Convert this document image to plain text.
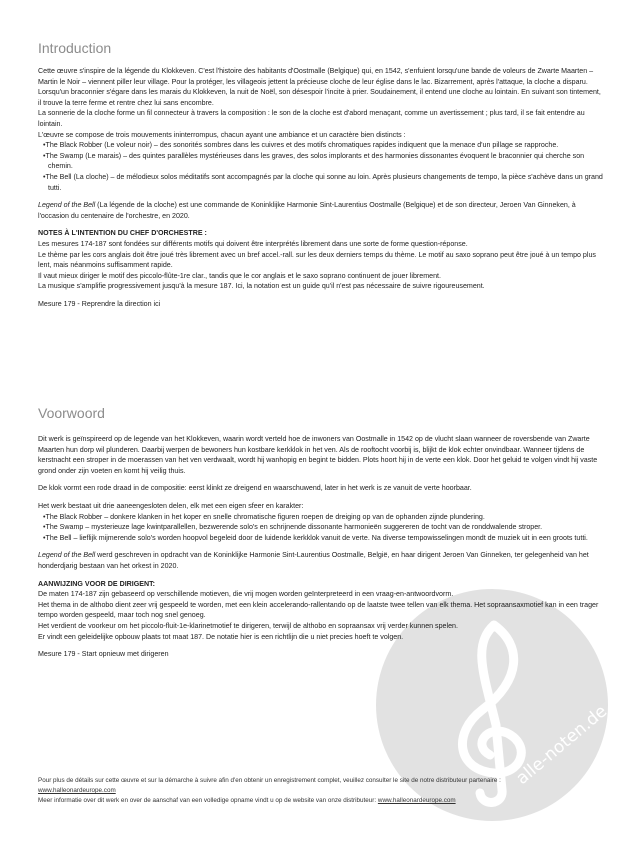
Introduction

Cette œuvre s'inspire de la légende du Klokkeven. C'est l'histoire des habitants d'Oostmalle (Belgique) qui, en 1542, s'enfuient lorsqu'une bande de voleurs de Zwarte Maarten – Martin le Noir – viennent piller leur village. Pour la protéger, les villageois jettent la précieuse cloche de leur église dans le lac. Bizarrement, après l'attaque, la cloche a disparu. Lorsqu'un braconnier s'égare dans les marais du Klokkeven, la nuit de Noël, son désespoir l'incite à prier. Soudainement, il entend une cloche au lointain. En suivant son tintement, il trouve la terre ferme et rentre chez lui sans encombre.

La sonnerie de la cloche forme un fil connecteur à travers la composition : le son de la cloche est d'abord menaçant, comme un avertissement ; plus tard, il se fait entendre au lointain.

L'œuvre se compose de trois mouvements ininterrompus, chacun ayant une ambiance et un caractère bien distincts :

•The Black Robber (Le voleur noir) – des sonorités sombres dans les cuivres et des motifs chromatiques rapides indiquent que la menace d'un pillage se rapproche.

•The Swamp (Le marais) – des quintes parallèles mystérieuses dans les graves, des solos implorants et des harmonies dissonantes évoquent le braconnier qui cherche son chemin.

•The Bell (La cloche) – de mélodieux solos méditatifs sont accompagnés par la cloche qui sonne au loin. Après plusieurs changements de tempo, la pièce s'achève dans un grand tutti.

Legend of the Bell (La légende de la cloche) est une commande de Koninklijke Harmonie Sint-Laurentius Oostmalle (Belgique) et de son directeur, Jeroen Van Ginneken, à l'occasion du centenaire de l'orchestre, en 2020.

NOTES À L'INTENTION DU CHEF D'ORCHESTRE :

Les mesures 174-187 sont fondées sur différents motifs qui doivent être interprétés librement dans une sorte de forme question-réponse.

Le thème par les cors anglais doit être joué très librement avec un bref accel.-rall. sur les deux derniers temps du thème. Le motif au saxo soprano peut être joué à un tempo plus lent, mais néanmoins suffisamment rapide.

Il vaut mieux diriger le motif des piccolo-flûte-1re clar., tandis que le cor anglais et le saxo soprano continuent de jouer librement.

La musique s'amplifie progressivement jusqu'à la mesure 187. Ici, la notation est un guide qu'il n'est pas nécessaire de suivre rigoureusement.

Mesure 179 - Reprendre la direction ici

Voorwoord

Dit werk is geïnspireerd op de legende van het Klokkeven, waarin wordt verteld hoe de inwoners van Oostmalle in 1542 op de vlucht slaan wanneer de roversbende van Zwarte Maarten hun dorp wil plunderen. Daarbij werpen de bewoners hun kostbare kerkklok in het ven. Als de rooftocht voorbij is, blijkt de klok echter onvindbaar. Wanneer tijdens de kerstnacht een stroper in de moerassen van het ven verdwaalt, wordt hij wanhopig en begint te bidden. Plots hoort hij in de verte een klok. Door het geluid te volgen vindt hij vaste grond onder zijn voeten en komt hij veilig thuis.

De klok vormt een rode draad in de compositie: eerst klinkt ze dreigend en waarschuwend, later in het werk is ze vanuit de verte hoorbaar.

Het werk bestaat uit drie aaneengesloten delen, elk met een eigen sfeer en karakter:

•The Black Robber – donkere klanken in het koper en snelle chromatische figuren roepen de dreiging op van de ophanden zijnde plundering.

•The Swamp – mysterieuze lage kwintparallellen, bezwerende solo's en schrijnende dissonante harmonieën suggereren de tocht van de ronddwalende stroper.

•The Bell – lieflijk mijmerende solo's worden hoopvol begeleid door de luidende kerkklok vanuit de verte. Na diverse tempowisselingen mondt de muziek uit in een groots tutti.

Legend of the Bell werd geschreven in opdracht van de Koninklijke Harmonie Sint-Laurentius Oostmalle, België, en haar dirigent Jeroen Van Ginneken, ter gelegenheid van het honderdjarig bestaan van het orkest in 2020.

AANWIJZING VOOR DE DIRIGENT:

De maten 174-187 zijn gebaseerd op verschillende motieven, die vrij mogen worden geïnterpreteerd in een vraag-en-antwoordvorm.

Het thema in de althobo dient zeer vrij gespeeld te worden, met een klein accelerando-rallentando op de laatste twee tellen van elk thema. Het sopraansaxmotief kan in een trager tempo worden gespeeld, maar toch nog snel genoeg.

Het verdient de voorkeur om het piccolo-fluit-1e-klarinetmotief te dirigeren, terwijl de althobo en sopraansax vrij verder kunnen spelen.

Er vindt een geleidelijke opbouw plaats tot maat 187. De notatie hier is een richtlijn die u niet precies hoeft te volgen.

Mesure 179 - Start opnieuw met dirigeren

alle-noten.de

Pour plus de détails sur cette œuvre et sur la démarche à suivre afin d'en obtenir un enregistrement complet, veuillez consulter le site de notre distributeur partenaire :

www.halleonardeurope.com

Meer informatie over dit werk en over de aanschaf van een volledige opname vindt u op de website van onze distributeur: www.halleonardeurope.com
